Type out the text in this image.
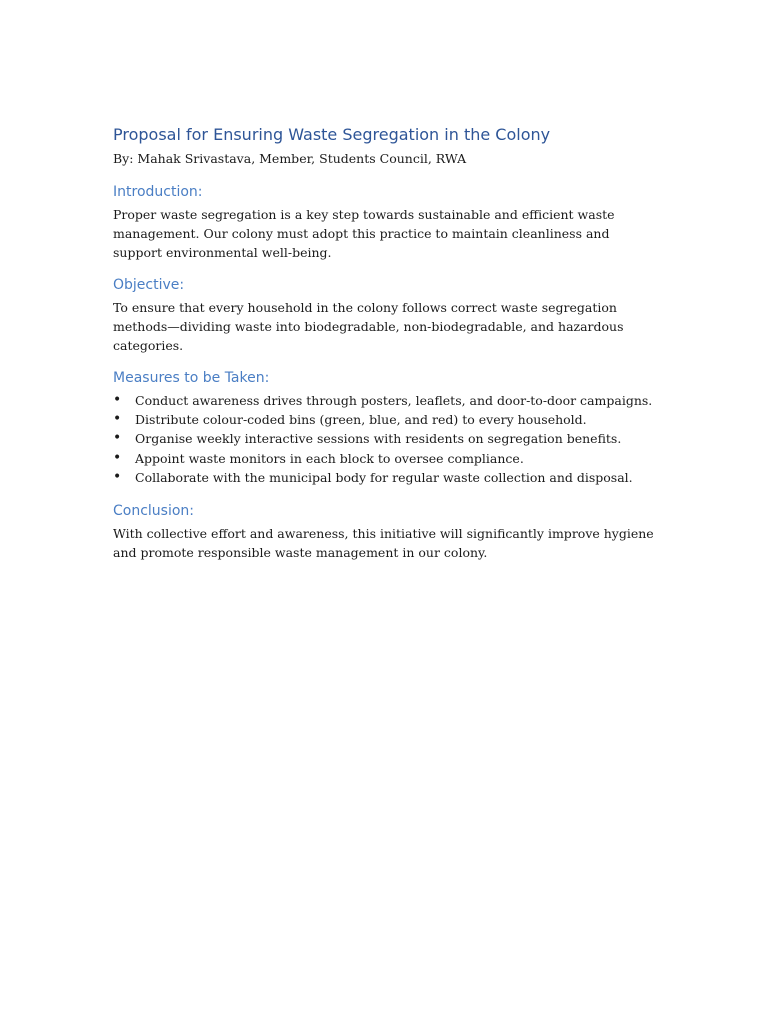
Proposal for Ensuring Waste Segregation in the Colony

By: Mahak Srivastava, Member, Students Council, RWA

Introduction:

Proper waste segregation is a key step towards sustainable and efficient waste management. Our colony must adopt this practice to maintain cleanliness and support environmental well-being.

Objective:

To ensure that every household in the colony follows correct waste segregation methods—dividing waste into biodegradable, non-biodegradable, and hazardous categories.

Measures to be Taken:
• Conduct awareness drives through posters, leaflets, and door-to-door campaigns.
• Distribute colour-coded bins (green, blue, and red) to every household.
• Organise weekly interactive sessions with residents on segregation benefits.
• Appoint waste monitors in each block to oversee compliance.
• Collaborate with the municipal body for regular waste collection and disposal.
Conclusion:

With collective effort and awareness, this initiative will significantly improve hygiene and promote responsible waste management in our colony.
